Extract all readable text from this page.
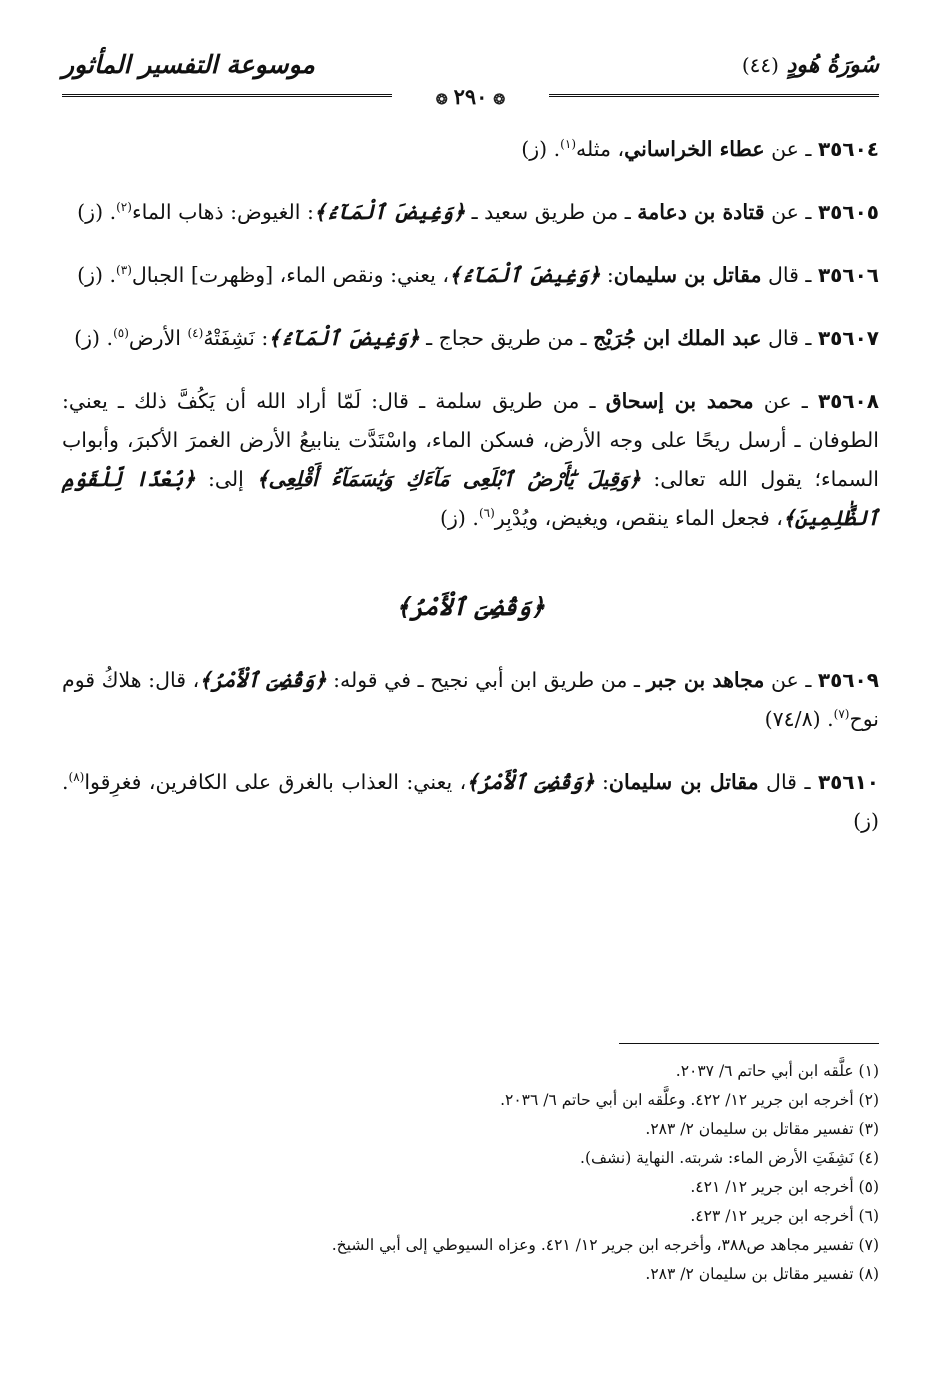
سُورَةُ هُودٍ (٤٤)
موسوعة التفسير المأثور
❂٢٩٠❂

٣٥٦٠٤ ـ عن عطاء الخراساني، مثله$^{(١)}$. (ز)

٣٥٦٠٥ ـ عن قتادة بن دعامة ـ من طريق سعيد ـ ﴿وَغِيضَ ٱلْمَآءُ﴾: الغيوض: ذهاب الماء$^{(٢)}$. (ز)

٣٥٦٠٦ ـ قال مقاتل بن سليمان: ﴿وَغِيضَ ٱلْمَآءُ﴾، يعني: ونقص الماء، [وظهرت] الجبال$^{(٣)}$. (ز)

٣٥٦٠٧ ـ قال عبد الملك ابن جُرَيْج ـ من طريق حجاج ـ ﴿وَغِيضَ ٱلْمَآءُ﴾: نَشِفَتْهُ$^{(٤)}$ الأرض$^{(٥)}$. (ز)

٣٥٦٠٨ ـ عن محمد بن إسحاق ـ من طريق سلمة ـ قال: لَمّا أراد الله أن يَكُفَّ ذلك ـ يعني: الطوفان ـ أرسل ريحًا على وجه الأرض، فسكن الماء، واسْتَدَّت ينابيعُ الأرض الغمرَ الأكبرَ، وأبواب السماء؛ يقول الله تعالى: ﴿وَقِيلَ يَٰٓأَرْضُ ٱبْلَعِى مَآءَكِ وَيَٰسَمَآءُ أَقْلِعِى﴾ إلى: ﴿بُعْدًا لِّلْقَوْمِ ٱلظَّٰلِمِينَ﴾، فجعل الماء ينقص، ويغيض، ويُدْبِر$^{(٦)}$. (ز)

﴿وَقُضِىَ ٱلْأَمْرُ﴾

٣٥٦٠٩ ـ عن مجاهد بن جبر ـ من طريق ابن أبي نجيح ـ في قوله: ﴿وَقُضِىَ ٱلْأَمْرُ﴾، قال: هلاكُ قوم نوح$^{(٧)}$. (٧٤/٨)

٣٥٦١٠ ـ قال مقاتل بن سليمان: ﴿وَقُضِىَ ٱلْأَمْرُ﴾، يعني: العذاب بالغرق على الكافرين، فغرِقوا$^{(٨)}$. (ز)

(١) علَّقه ابن أبي حاتم ٦/ ٢٠٣٧.
(٢) أخرجه ابن جرير ١٢/ ٤٢٢. وعلَّقه ابن أبي حاتم ٦/ ٢٠٣٦.
(٣) تفسير مقاتل بن سليمان ٢/ ٢٨٣.
(٤) نَشِفَتِ الأرض الماء: شربته. النهاية (نشف).
(٥) أخرجه ابن جرير ١٢/ ٤٢١.
(٦) أخرجه ابن جرير ١٢/ ٤٢٣.
(٧) تفسير مجاهد ص٣٨٨، وأخرجه ابن جرير ١٢/ ٤٢١. وعزاه السيوطي إلى أبي الشيخ.
(٨) تفسير مقاتل بن سليمان ٢/ ٢٨٣.
